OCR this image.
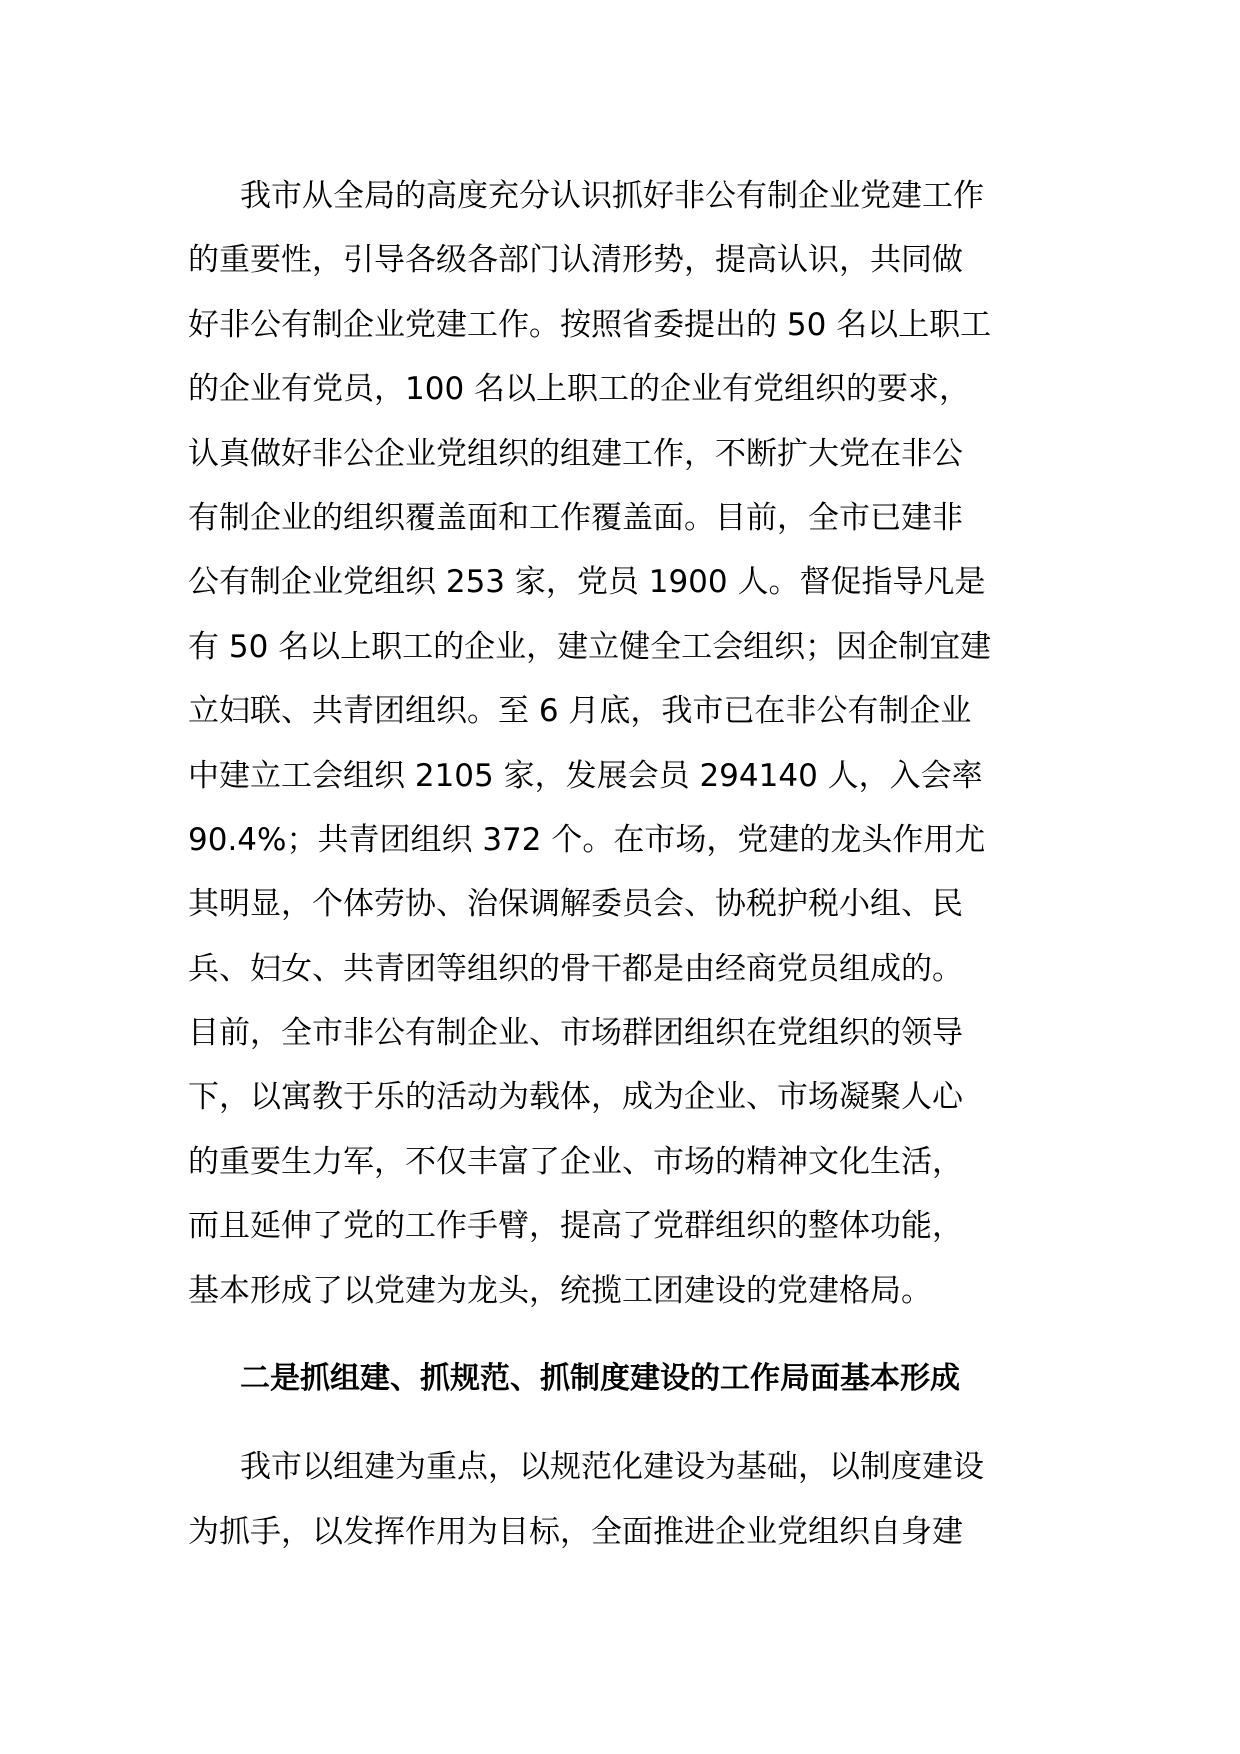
我市从全局的高度充分认识抓好非公有制企业党建工作
的重要性，引导各级各部门认清形势，提高认识，共同做
好非公有制企业党建工作。按照省委提出的 50 名以上职工
的企业有党员，100 名以上职工的企业有党组织的要求，
认真做好非公企业党组织的组建工作，不断扩大党在非公
有制企业的组织覆盖面和工作覆盖面。目前，全市已建非
公有制企业党组织 253 家，党员 1900 人。督促指导凡是
有 50 名以上职工的企业，建立健全工会组织；因企制宜建
立妇联、共青团组织。至 6 月底，我市已在非公有制企业
中建立工会组织 2105 家，发展会员 294140 人，入会率
90.4%；共青团组织 372 个。在市场，党建的龙头作用尤
其明显，个体劳协、治保调解委员会、协税护税小组、民
兵、妇女、共青团等组织的骨干都是由经商党员组成的。
目前，全市非公有制企业、市场群团组织在党组织的领导
下，以寓教于乐的活动为载体，成为企业、市场凝聚人心
的重要生力军，不仅丰富了企业、市场的精神文化生活，
而且延伸了党的工作手臂，提高了党群组织的整体功能，
基本形成了以党建为龙头，统揽工团建设的党建格局。
二是抓组建、抓规范、抓制度建设的工作局面基本形成
我市以组建为重点，以规范化建设为基础，以制度建设
为抓手，以发挥作用为目标，全面推进企业党组织自身建
